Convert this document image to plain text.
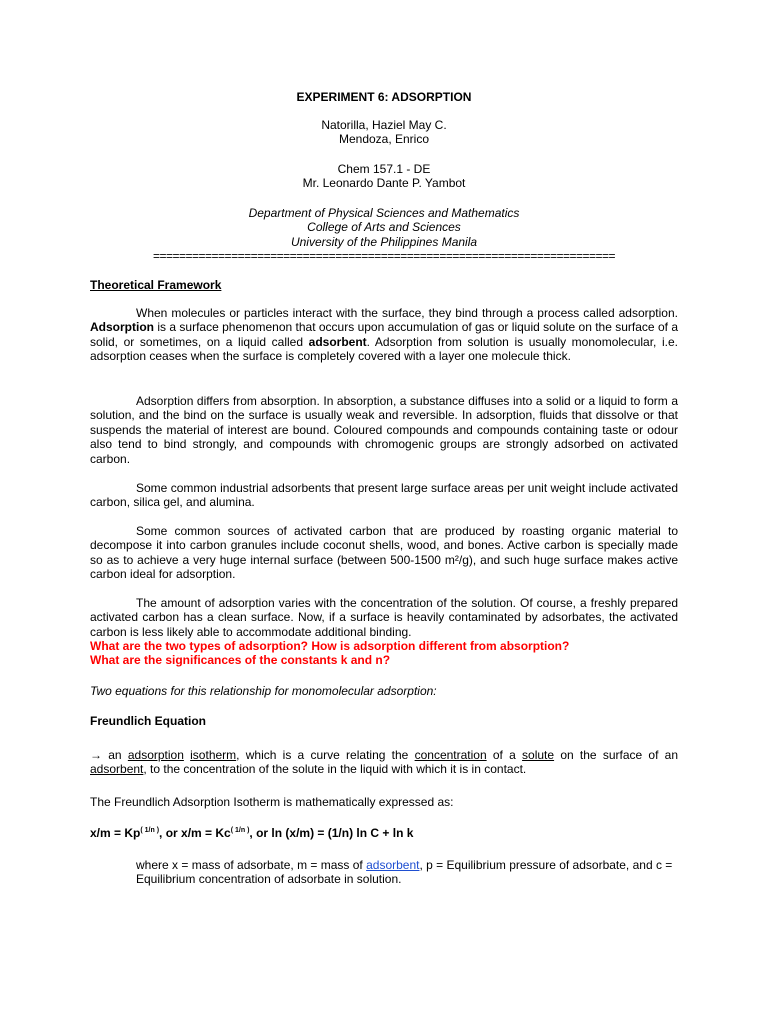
EXPERIMENT 6: ADSORPTION
Natorilla, Haziel May C.
Mendoza, Enrico
Chem 157.1 - DE
Mr. Leonardo Dante P. Yambot
Department of Physical Sciences and Mathematics
College of Arts and Sciences
University of the Philippines Manila
=======================================================================
Theoretical Framework

When molecules or particles interact with the surface, they bind through a process called adsorption. Adsorption is a surface phenomenon that occurs upon accumulation of gas or liquid solute on the surface of a solid, or sometimes, on a liquid called adsorbent. Adsorption from solution is usually monomolecular, i.e. adsorption ceases when the surface is completely covered with a layer one molecule thick.

Adsorption differs from absorption. In absorption, a substance diffuses into a solid or a liquid to form a solution, and the bind on the surface is usually weak and reversible. In adsorption, fluids that dissolve or that suspends the material of interest are bound. Coloured compounds and compounds containing taste or odour also tend to bind strongly, and compounds with chromogenic groups are strongly adsorbed on activated carbon.

Some common industrial adsorbents that present large surface areas per unit weight include activated carbon, silica gel, and alumina.

Some common sources of activated carbon that are produced by roasting organic material to decompose it into carbon granules include coconut shells, wood, and bones. Active carbon is specially made so as to achieve a very huge internal surface (between 500-1500 m²/g), and such huge surface makes active carbon ideal for adsorption.

The amount of adsorption varies with the concentration of the solution. Of course, a freshly prepared activated carbon has a clean surface. Now, if a surface is heavily contaminated by adsorbates, the activated carbon is less likely able to accommodate additional binding.

What are the two types of adsorption? How is adsorption different from absorption?
What are the significances of the constants k and n?
Two equations for this relationship for monomolecular adsorption:
Freundlich Equation
→ an adsorption isotherm, which is a curve relating the concentration of a solute on the surface of an adsorbent, to the concentration of the solute in the liquid with which it is in contact.
The Freundlich Adsorption Isotherm is mathematically expressed as:
$x/m = Kp^{( 1/n )}$, or $x/m = Kc^{( 1/n )}$, or ln (x/m) = (1/n) ln C + ln k
where x = mass of adsorbate, m = mass of adsorbent, p = Equilibrium pressure of adsorbate, and c = Equilibrium concentration of adsorbate in solution.
